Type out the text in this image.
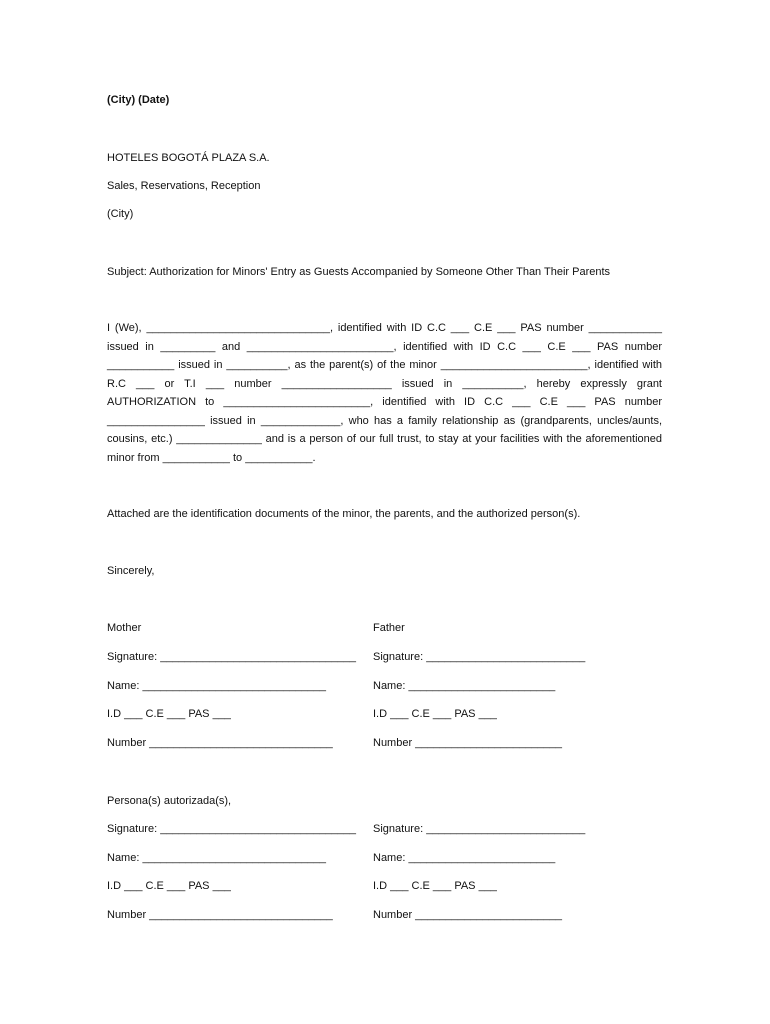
(City) (Date)
HOTELES BOGOTÁ PLAZA S.A.
Sales, Reservations, Reception
(City)
Subject: Authorization for Minors' Entry as Guests Accompanied by Someone Other Than Their Parents
I (We), ______________________________, identified with ID C.C ___ C.E ___ PAS number ____________ issued in _________ and ________________________, identified with ID C.C ___ C.E ___ PAS number ___________ issued in __________, as the parent(s) of the minor ________________________, identified with R.C ___ or T.I ___ number __________________ issued in __________, hereby expressly grant AUTHORIZATION to ________________________, identified with ID C.C ___ C.E ___ PAS number ________________ issued in _____________, who has a family relationship as (grandparents, uncles/aunts, cousins, etc.) ______________ and is a person of our full trust, to stay at your facilities with the aforementioned minor from ___________ to ___________.
Attached are the identification documents of the minor, the parents, and the authorized person(s).
Sincerely,
Mother	Father
Signature: ________________________________ Signature: __________________________
Name: ______________________________	Name: ________________________
I.D ___ C.E ___ PAS ___	I.D ___ C.E ___ PAS ___
Number ______________________________	Number ________________________
Persona(s) autorizada(s),
Signature: ________________________________ Signature: __________________________
Name: ______________________________	Name: ________________________
I.D ___ C.E ___ PAS ___	I.D ___ C.E ___ PAS ___
Number ______________________________	Number ________________________
